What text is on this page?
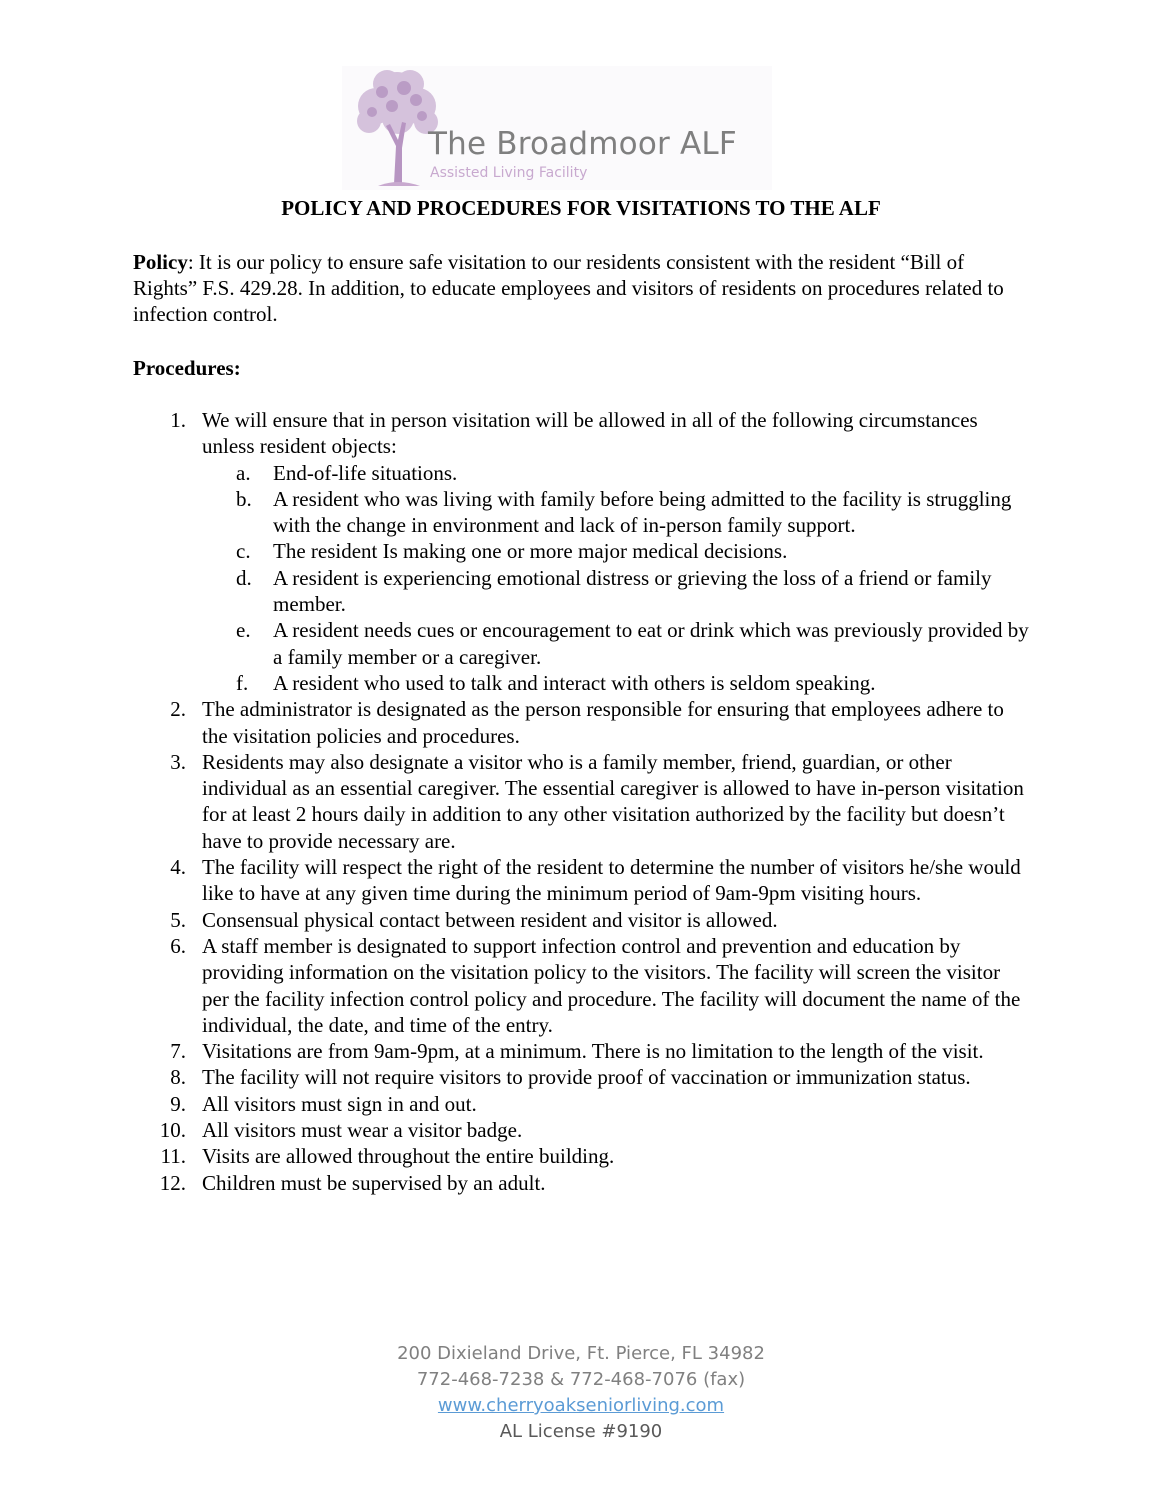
The Broadmoor ALF
Assisted Living Facility
POLICY AND PROCEDURES FOR VISITATIONS TO THE ALF

Policy: It is our policy to ensure safe visitation to our residents consistent with the resident “Bill of Rights” F.S. 429.28. In addition, to educate employees and visitors of residents on procedures related to infection control.

Procedures:

1. We will ensure that in person visitation will be allowed in all of the following circumstances unless resident objects:
a. End-of-life situations.
b. A resident who was living with family before being admitted to the facility is struggling with the change in environment and lack of in-person family support.
c. The resident Is making one or more major medical decisions.
d. A resident is experiencing emotional distress or grieving the loss of a friend or family member.
e. A resident needs cues or encouragement to eat or drink which was previously provided by a family member or a caregiver.
f. A resident who used to talk and interact with others is seldom speaking.
2. The administrator is designated as the person responsible for ensuring that employees adhere to the visitation policies and procedures.
3. Residents may also designate a visitor who is a family member, friend, guardian, or other individual as an essential caregiver. The essential caregiver is allowed to have in-person visitation for at least 2 hours daily in addition to any other visitation authorized by the facility but doesn’t have to provide necessary are.
4. The facility will respect the right of the resident to determine the number of visitors he/she would like to have at any given time during the minimum period of 9am-9pm visiting hours.
5. Consensual physical contact between resident and visitor is allowed.
6. A staff member is designated to support infection control and prevention and education by providing information on the visitation policy to the visitors. The facility will screen the visitor per the facility infection control policy and procedure. The facility will document the name of the individual, the date, and time of the entry.
7. Visitations are from 9am-9pm, at a minimum. There is no limitation to the length of the visit.
8. The facility will not require visitors to provide proof of vaccination or immunization status.
9. All visitors must sign in and out.
10. All visitors must wear a visitor badge.
11. Visits are allowed throughout the entire building.
12. Children must be supervised by an adult.
200 Dixieland Drive, Ft. Pierce, FL 34982
772-468-7238 & 772-468-7076 (fax)
www.cherryoakseniorliving.com
AL License #9190
